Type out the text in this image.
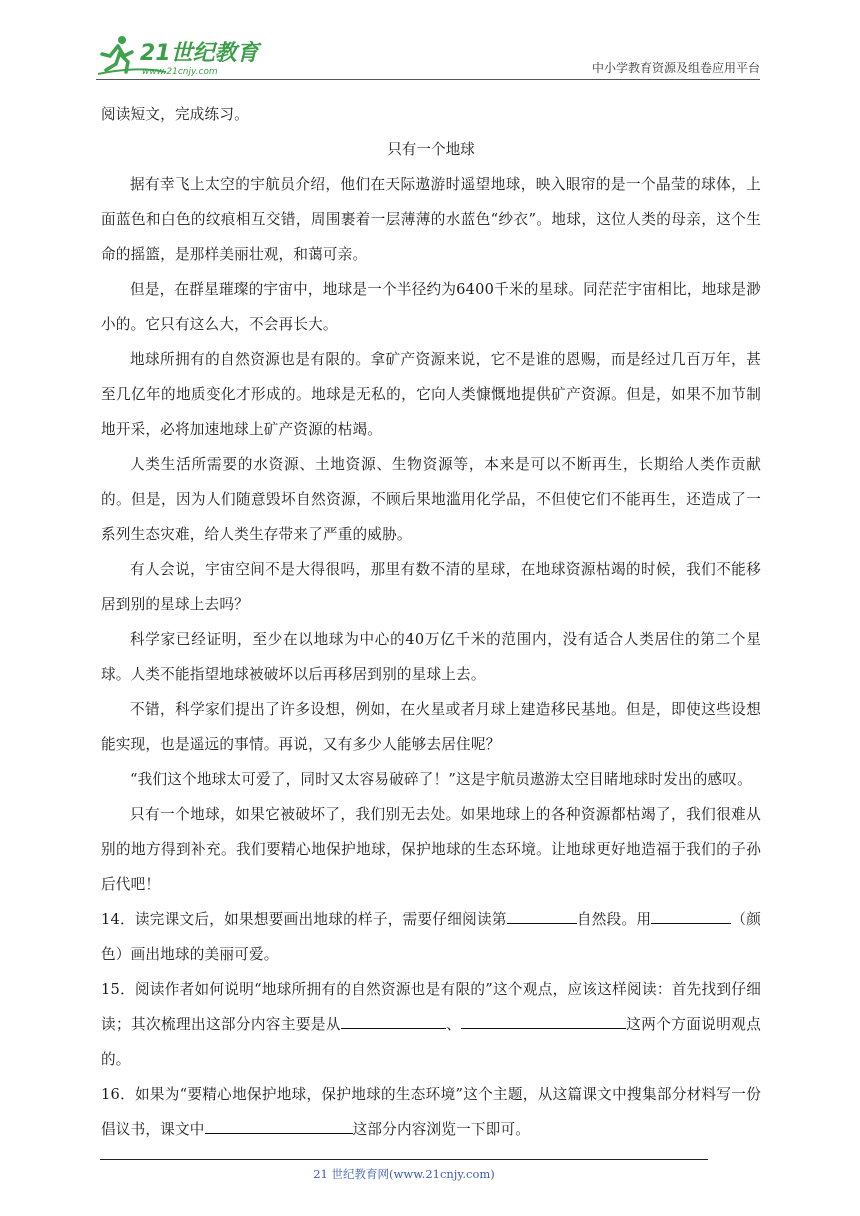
21世纪教育
www.21cnjy.com	中小学教育资源及组卷应用平台

阅读短文，完成练习。

只有一个地球

据有幸飞上太空的宇航员介绍，他们在天际遨游时遥望地球，映入眼帘的是一个晶莹的球体，上面蓝色和白色的纹痕相互交错，周围裹着一层薄薄的水蓝色“纱衣”。地球，这位人类的母亲，这个生命的摇篮，是那样美丽壮观，和蔼可亲。

但是，在群星璀璨的宇宙中，地球是一个半径约为6400千米的星球。同茫茫宇宙相比，地球是渺小的。它只有这么大，不会再长大。

地球所拥有的自然资源也是有限的。拿矿产资源来说，它不是谁的恩赐，而是经过几百万年，甚至几亿年的地质变化才形成的。地球是无私的，它向人类慷慨地提供矿产资源。但是，如果不加节制地开采，必将加速地球上矿产资源的枯竭。

人类生活所需要的水资源、土地资源、生物资源等，本来是可以不断再生，长期给人类作贡献的。但是，因为人们随意毁坏自然资源，不顾后果地滥用化学品，不但使它们不能再生，还造成了一系列生态灾难，给人类生存带来了严重的威胁。

有人会说，宇宙空间不是大得很吗，那里有数不清的星球，在地球资源枯竭的时候，我们不能移居到别的星球上去吗？

科学家已经证明，至少在以地球为中心的40万亿千米的范围内，没有适合人类居住的第二个星球。人类不能指望地球被破坏以后再移居到别的星球上去。

不错，科学家们提出了许多设想，例如，在火星或者月球上建造移民基地。但是，即使这些设想能实现，也是遥远的事情。再说，又有多少人能够去居住呢？

“我们这个地球太可爱了，同时又太容易破碎了！”这是宇航员遨游太空目睹地球时发出的感叹。

只有一个地球，如果它被破坏了，我们别无去处。如果地球上的各种资源都枯竭了，我们很难从别的地方得到补充。我们要精心地保护地球，保护地球的生态环境。让地球更好地造福于我们的子孙后代吧！

14．读完课文后，如果想要画出地球的样子，需要仔细阅读第	自然段。用	（颜色）画出地球的美丽可爱。

15．阅读作者如何说明“地球所拥有的自然资源也是有限的”这个观点，应该这样阅读：首先找到仔细读；其次梳理出这部分内容主要是从	、	这两个方面说明观点的。

16．如果为“要精心地保护地球，保护地球的生态环境”这个主题，从这篇课文中搜集部分材料写一份倡议书，课文中	这部分内容浏览一下即可。

21 世纪教育网(www.21cnjy.com)
